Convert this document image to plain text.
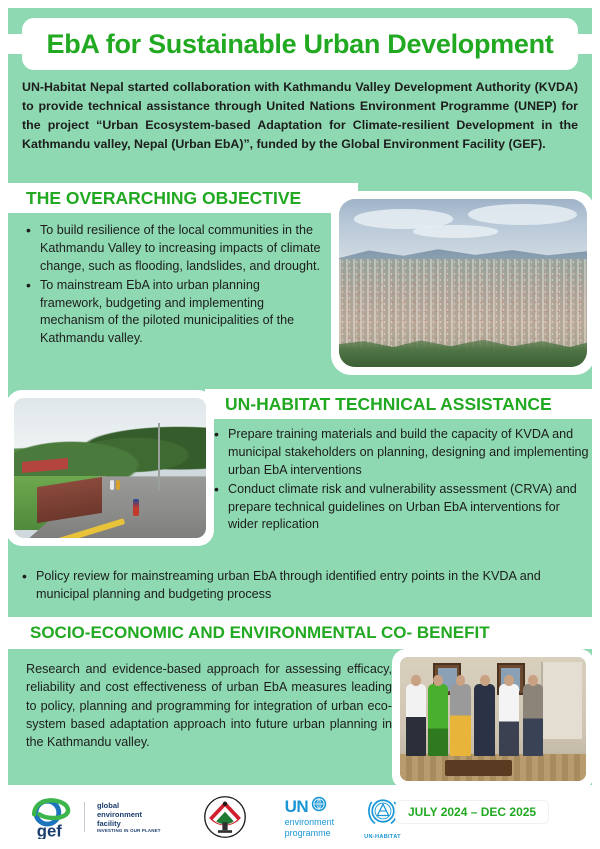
EbA for Sustainable Urban Development

UN-Habitat Nepal started collaboration with Kathmandu Valley Development Authority (KVDA) to provide technical assistance through United Nations Environment Programme (UNEP) for the project “Urban Ecosystem-based Adaptation for Climate-resilient Development in the Kathmandu valley, Nepal (Urban EbA)”, funded by the Global Environment Facility (GEF).

THE OVERARCHING OBJECTIVE
• To build resilience of the local communities in the Kathmandu Valley to increasing impacts of climate change, such as flooding, landslides, and drought.
• To mainstream EbA into urban planning framework, budgeting and implementing mechanism of the piloted municipalities of the Kathmandu valley.
UN-HABITAT TECHNICAL ASSISTANCE
• Prepare training materials and build the capacity of KVDA and municipal stakeholders on planning, designing and implementing urban EbA interventions
• Conduct climate risk and vulnerability assessment (CRVA) and prepare technical guidelines on Urban EbA interventions for wider replication
• Policy review for mainstreaming urban EbA through identified entry points in the KVDA and municipal planning and budgeting process
SOCIO-ECONOMIC AND ENVIRONMENTAL CO- BENEFIT

Research and evidence-based approach for assessing efficacy, reliability and cost effectiveness of urban EbA measures leading to policy, planning and programming for integration of urban eco-system based adaptation approach into future urban planning in the Kathmandu valley.

gef
global
environment
facility
INVESTING IN OUR PLANET
UN
environment
programme	UN-HABITAT
JULY 2024 – DEC 2025
